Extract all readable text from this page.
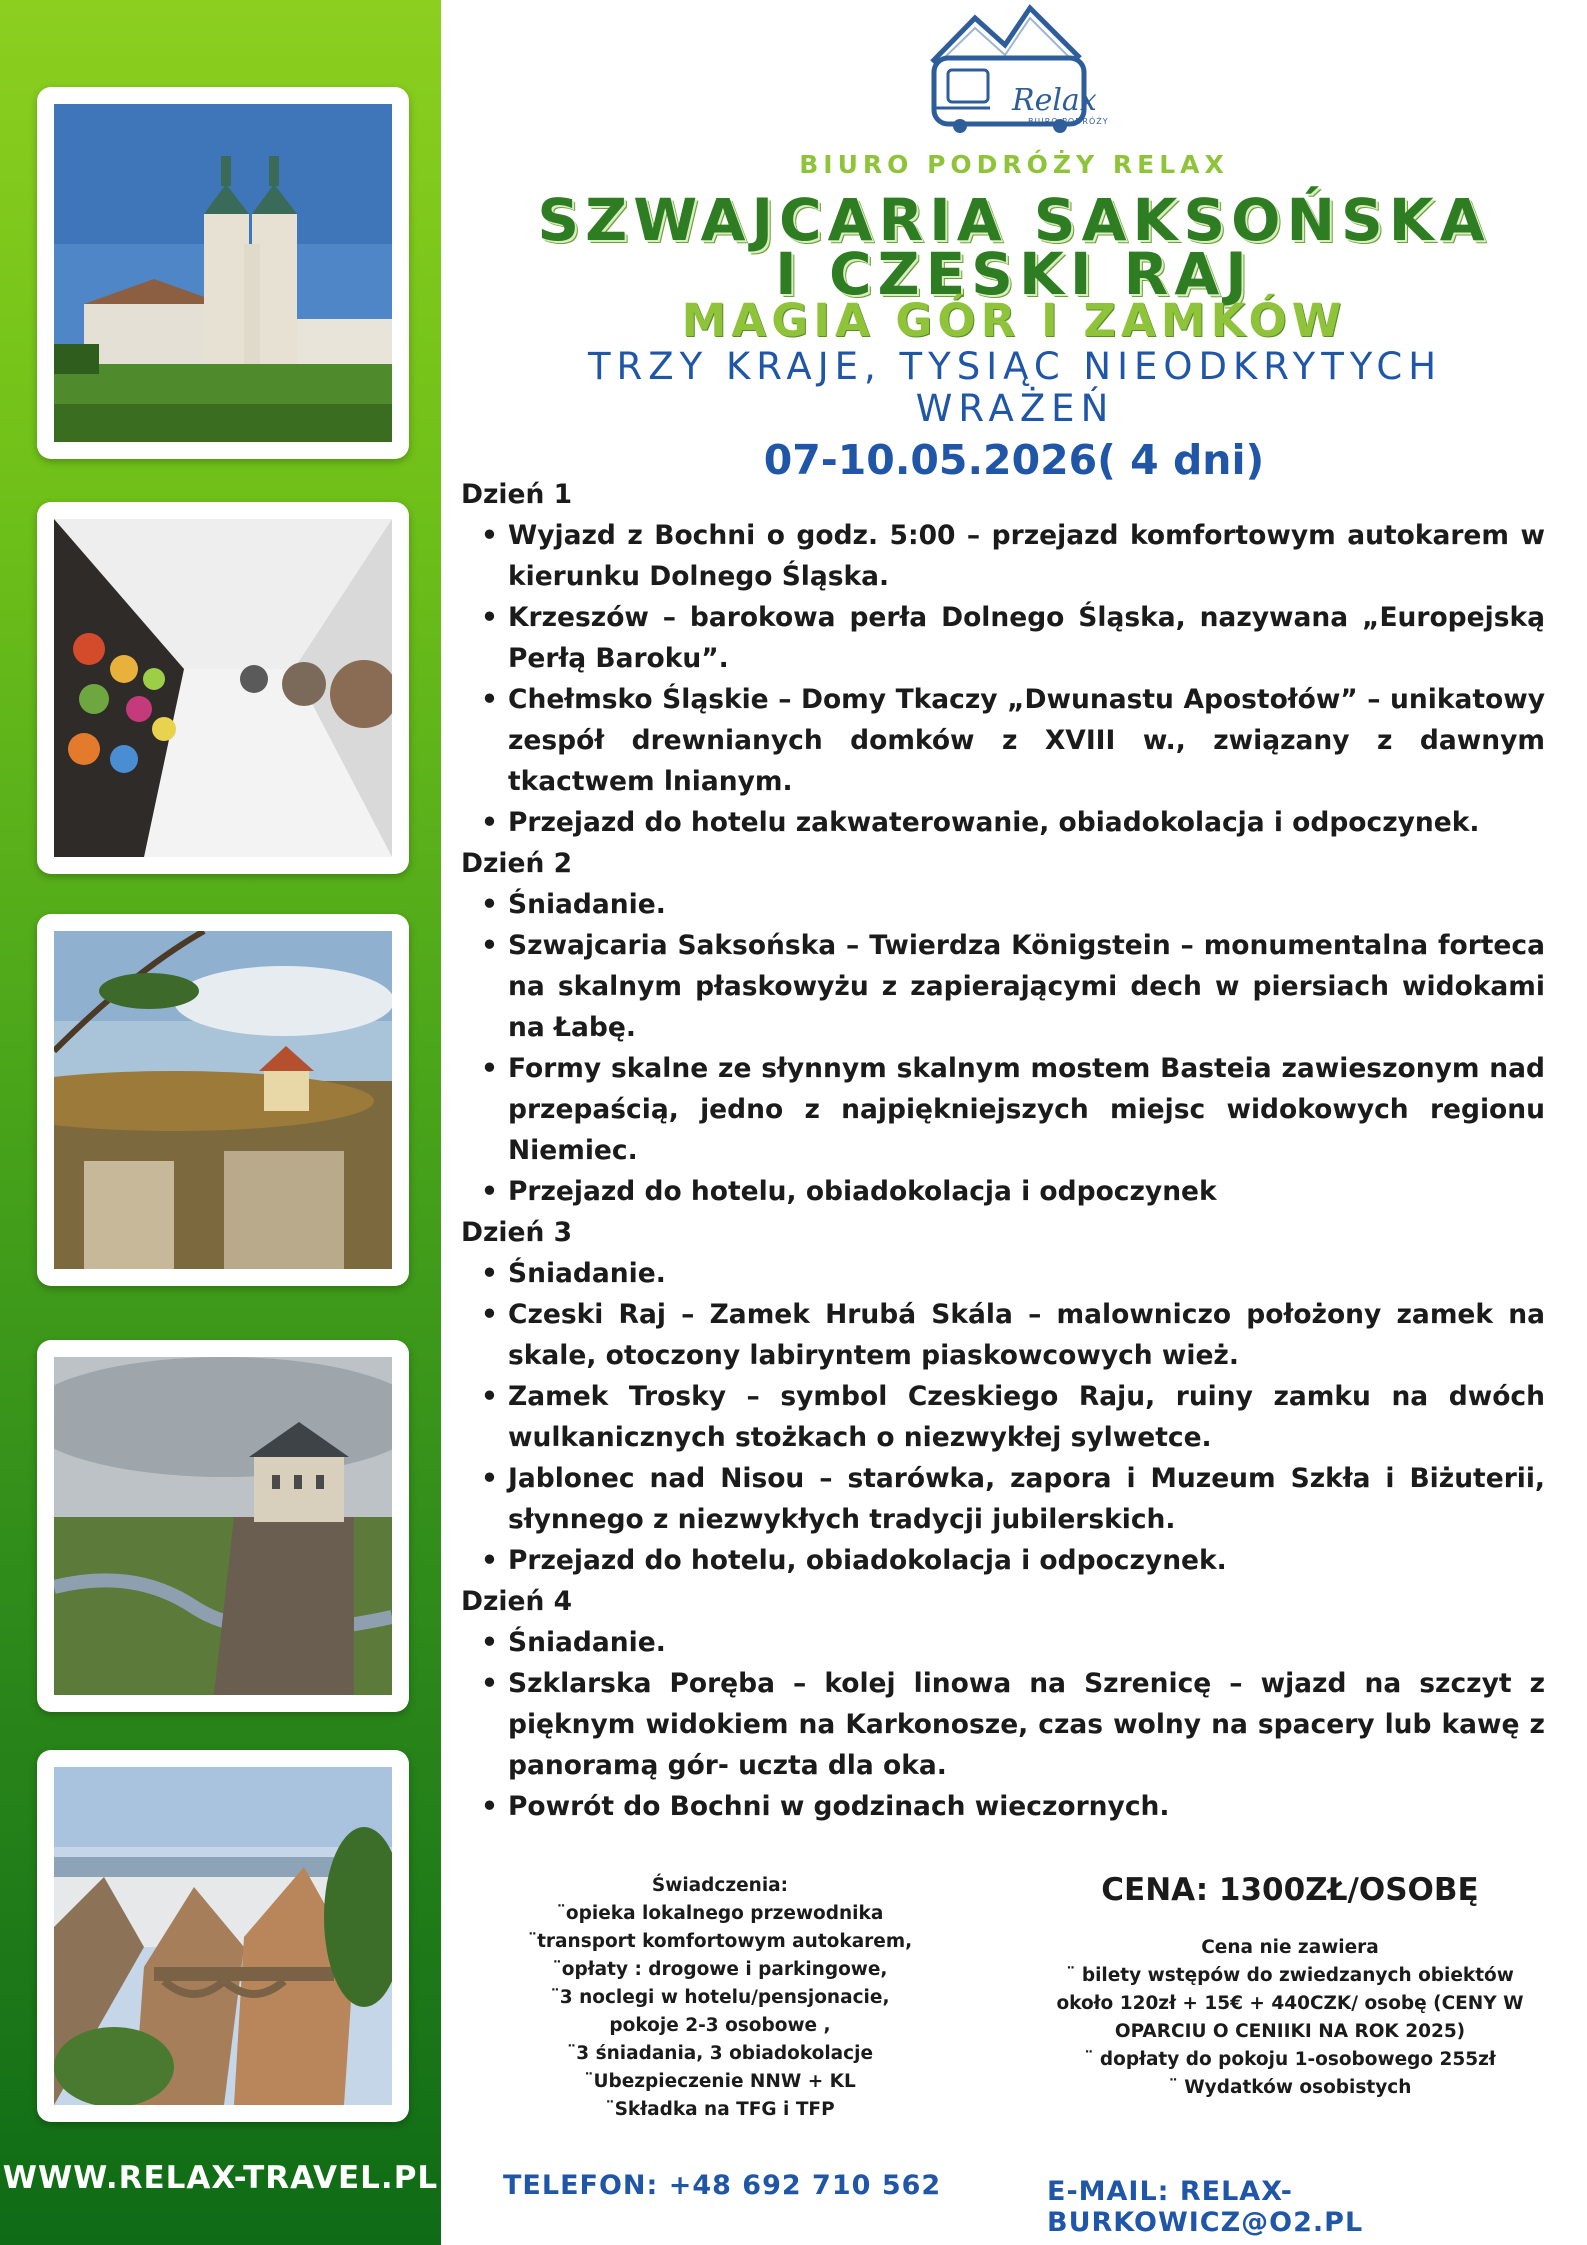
WWW.RELAX-TRAVEL.PL
Relax
BIURO PODRÓŻY
BIURO PODRÓŻY RELAX
SZWAJCARIA SAKSOŃSKA
I CZESKI RAJ
MAGIA GÓR I ZAMKÓW
TRZY KRAJE, TYSIĄC NIEODKRYTYCH WRAŻEŃ
07-10.05.2026( 4 dni)
Dzień 1
• Wyjazd z Bochni o godz. 5:00 – przejazd komfortowym autokarem w kierunku Dolnego Śląska.
• Krzeszów – barokowa perła Dolnego Śląska, nazywana „Europejską Perłą Baroku”.
• Chełmsko Śląskie – Domy Tkaczy „Dwunastu Apostołów” – unikatowy zespół drewnianych domków z XVIII w., związany z dawnym tkactwem lnianym.
• Przejazd do hotelu zakwaterowanie, obiadokolacja i odpoczynek.
Dzień 2
• Śniadanie.
• Szwajcaria Saksońska – Twierdza Königstein – monumentalna forteca na skalnym płaskowyżu z zapierającymi dech w piersiach widokami na Łabę.
• Formy skalne ze słynnym skalnym mostem Basteia zawieszonym nad przepaścią, jedno z najpiękniejszych miejsc widokowych regionu Niemiec.
• Przejazd do hotelu, obiadokolacja i odpoczynek
Dzień 3
• Śniadanie.
• Czeski Raj – Zamek Hrubá Skála – malowniczo położony zamek na skale, otoczony labiryntem piaskowcowych wież.
• Zamek Trosky – symbol Czeskiego Raju, ruiny zamku na dwóch wulkanicznych stożkach o niezwykłej sylwetce.
• Jablonec nad Nisou – starówka, zapora i Muzeum Szkła i Biżuterii, słynnego z niezwykłych tradycji jubilerskich.
• Przejazd do hotelu, obiadokolacja i odpoczynek.
Dzień 4
• Śniadanie.
• Szklarska Poręba – kolej linowa na Szrenicę – wjazd na szczyt z pięknym widokiem na Karkonosze, czas wolny na spacery lub kawę z panoramą gór- uczta dla oka.
• Powrót do Bochni w godzinach wieczornych.
Świadczenia:
¨opieka lokalnego przewodnika
¨transport komfortowym autokarem,
¨opłaty : drogowe i parkingowe,
¨3 noclegi w hotelu/pensjonacie,
pokoje 2-3 osobowe ,
¨3 śniadania, 3 obiadokolacje
¨Ubezpieczenie NNW + KL
¨Składka na TFG i TFP
CENA: 1300ZŁ/OSOBĘ
Cena nie zawiera
¨ bilety wstępów do zwiedzanych obiektów
około 120zł + 15€ + 440CZK/ osobę (CENY W
OPARCIU O CENIIKI NA ROK 2025)
¨ dopłaty do pokoju 1-osobowego 255zł
¨ Wydatków osobistych
TELEFON: +48 692 710 562	E-MAIL: RELAX-BURKOWICZ@O2.PL
